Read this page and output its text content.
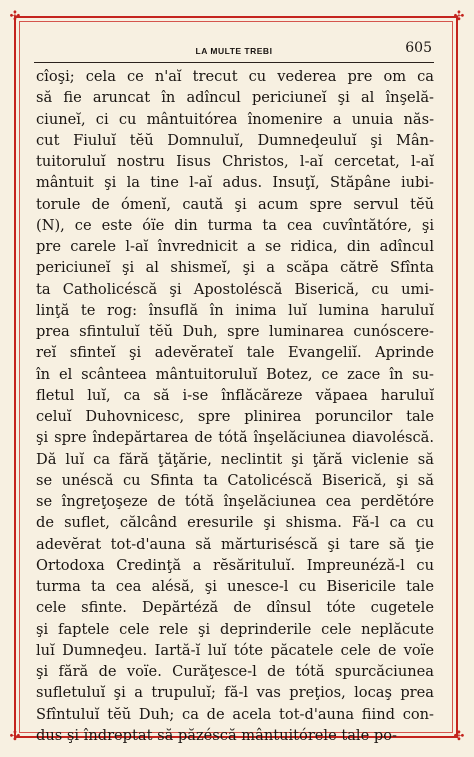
✣	✣
✣	✣
LA MULTE TREBI	605
cîoşi; cela ce n'aĭ trecut cu vederea pre om ca
să fie aruncat în adîncul periciuneĭ şi al înşelă-
ciuneĭ, ci cu mântuitórea înomenire a unuia năs-
cut Fiuluĭ tĕŭ Domnuluĭ, Dumneḑeuluĭ şi Mân-
tuitoruluĭ nostru Iisus Christos, l-aĭ cercetat, l-aĭ
mântuit şi la tine l-aĭ adus. Insuţĭ, Stăpâne iubi-
torule de ómenĭ, caută şi acum spre servul tĕŭ
(N), ce este óïe din turma ta cea cuvîntătóre, şi
pre carele l-aĭ învrednicit a se ridica, din adîncul
periciuneĭ şi al shismeĭ, şi a scăpa cătrĕ Sfînta
ta Catholicéscă şi Apostoléscă Biserică, cu umi-
linţă te rog: însuflă în inima luĭ lumina haruluĭ
prea sfintuluĭ tĕŭ Duh, spre luminarea cunóscere-
reĭ sfinteĭ şi adevĕrateĭ tale Evangeliĭ. Aprinde
în el scânteea mântuitoruluĭ Botez, ce zace în su-
fletul luĭ, ca să i-se înflăcăreze văpaea haruluĭ
celuĭ Duhovnicesc, spre plinirea poruncilor tale
şi spre îndepărtarea de tótă înşelăciunea diavoléscă.
Dă luĭ ca fără ţăţărie, neclintit şi ţără viclenie să
se unéscă cu Sfinta ta Catolicéscă Biserică, şi să
se îngreţoşeze de tótă înşelăciunea cea perdĕtóre
de suflet, călcând eresurile şi shisma. Fă-l ca cu
adevĕrat tot-d'auna să mărturiséscă şi tare să ţie
Ortodoxa Credinţă a rĕsărituluĭ. Impreunéză-l cu
turma ta cea alésă, şi unesce-l cu Bisericile tale
cele sfinte. Depărtéză de dînsul tóte cugetele
şi faptele cele rele şi deprinderile cele neplăcute
luĭ Dumneḑeu. Iartă-ĭ luĭ tóte păcatele cele de voïe
şi fără de voïe. Curăţesce-l de tótă spurcăciunea
sufletuluĭ şi a trupuluĭ; fă-l vas preţios, locaş prea
Sfîntuluĭ tĕŭ Duh; ca de acela tot-d'auna fiind con-
dus şi îndreptat să păzéscă mântuitórele tale po-
